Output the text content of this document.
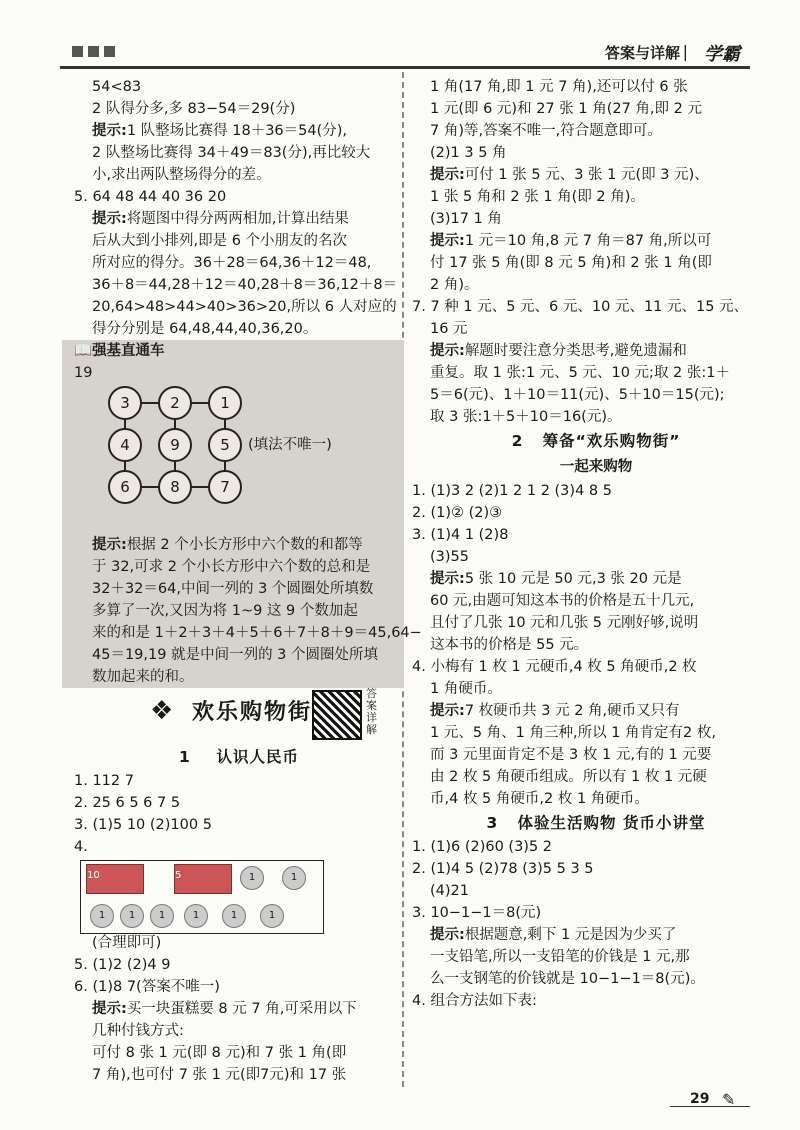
答案与详解 | 学霸
54<83
2 队得分多,多 83−54＝29(分)
提示:1 队整场比赛得 18＋36＝54(分),
2 队整场比赛得 34＋49＝83(分),再比较大
小,求出两队整场得分的差。
5. 64 48 44 40 36 20
提示:将题图中得分两两相加,计算出结果
后从大到小排列,即是 6 个小朋友的名次
所对应的得分。36＋28＝64,36＋12＝48,
36＋8＝44,28＋12＝40,28＋8＝36,12＋8＝
20,64>48>44>40>36>20,所以 6 人对应的
得分分别是 64,48,44,40,36,20。
📖强基直通车
19
3	2	1
4	9	5
6	8	7
(填法不唯一)
提示:根据 2 个小长方形中六个数的和都等
于 32,可求 2 个小长方形中六个数的总和是
32＋32＝64,中间一列的 3 个圆圈处所填数
多算了一次,又因为将 1~9 这 9 个数加起
来的和是 1＋2＋3＋4＋5＋6＋7＋8＋9＝45,64−
45＝19,19 就是中间一列的 3 个圆圈处所填
数加起来的和。
❖ 欢乐购物街
答案详解
1 认识人民币
1. 112 7
2. 25 6 5 6 7 5
3. (1)5 10 (2)100 5
4.
10	5	1	1
1	1	1	1	1	1
(合理即可)
5. (1)2 (2)4 9
6. (1)8 7(答案不唯一)
提示:买一块蛋糕要 8 元 7 角,可采用以下
几种付钱方式:
可付 8 张 1 元(即 8 元)和 7 张 1 角(即
7 角),也可付 7 张 1 元(即7元)和 17 张
1 角(17 角,即 1 元 7 角),还可以付 6 张
1 元(即 6 元)和 27 张 1 角(27 角,即 2 元
7 角)等,答案不唯一,符合题意即可。
(2)1 3 5 角
提示:可付 1 张 5 元、3 张 1 元(即 3 元)、
1 张 5 角和 2 张 1 角(即 2 角)。
(3)17 1 角
提示:1 元＝10 角,8 元 7 角＝87 角,所以可
付 17 张 5 角(即 8 元 5 角)和 2 张 1 角(即
2 角)。
7. 7 种 1 元、5 元、6 元、10 元、11 元、15 元、
16 元
提示:解题时要注意分类思考,避免遗漏和
重复。取 1 张:1 元、5 元、10 元;取 2 张:1＋
5＝6(元)、1＋10＝11(元)、5＋10＝15(元);
取 3 张:1＋5＋10＝16(元)。
2 筹备“欢乐购物街”
一起来购物
1. (1)3 2 (2)1 2 1 2 (3)4 8 5
2. (1)② (2)③
3. (1)4 1 (2)8
(3)55
提示:5 张 10 元是 50 元,3 张 20 元是
60 元,由题可知这本书的价格是五十几元,
且付了几张 10 元和几张 5 元刚好够,说明
这本书的价格是 55 元。
4. 小梅有 1 枚 1 元硬币,4 枚 5 角硬币,2 枚
1 角硬币。
提示:7 枚硬币共 3 元 2 角,硬币又只有
1 元、5 角、1 角三种,所以 1 角肯定有2 枚,
而 3 元里面肯定不是 3 枚 1 元,有的 1 元要
由 2 枚 5 角硬币组成。所以有 1 枚 1 元硬
币,4 枚 5 角硬币,2 枚 1 角硬币。
3 体验生活购物 货币小讲堂
1. (1)6 (2)60 (3)5 2
2. (1)4 5 (2)78 (3)5 5 3 5
(4)21
3. 10−1−1＝8(元)
提示:根据题意,剩下 1 元是因为少买了
一支铅笔,所以一支铅笔的价钱是 1 元,那
么一支钢笔的价钱就是 10−1−1＝8(元)。
4. 组合方法如下表:
29 ✎
